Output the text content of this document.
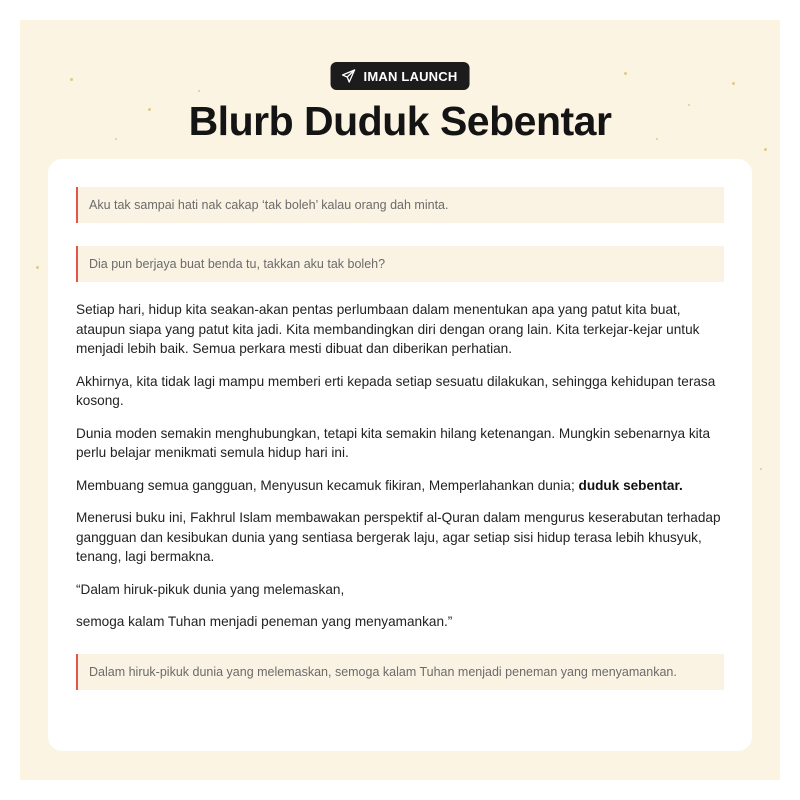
IMAN LAUNCH
Blurb Duduk Sebentar
Aku tak sampai hati nak cakap ‘tak boleh’ kalau orang dah minta.
Dia pun berjaya buat benda tu, takkan aku tak boleh?

Setiap hari, hidup kita seakan-akan pentas perlumbaan dalam menentukan apa yang patut kita buat, ataupun siapa yang patut kita jadi. Kita membandingkan diri dengan orang lain. Kita terkejar-kejar untuk menjadi lebih baik. Semua perkara mesti dibuat dan diberikan perhatian.

Akhirnya, kita tidak lagi mampu memberi erti kepada setiap sesuatu dilakukan, sehingga kehidupan terasa kosong.

Dunia moden semakin menghubungkan, tetapi kita semakin hilang ketenangan. Mungkin sebenarnya kita perlu belajar menikmati semula hidup hari ini.

Membuang semua gangguan, Menyusun kecamuk fikiran, Memperlahankan dunia; duduk sebentar.

Menerusi buku ini, Fakhrul Islam membawakan perspektif al-Quran dalam mengurus keserabutan terhadap gangguan dan kesibukan dunia yang sentiasa bergerak laju, agar setiap sisi hidup terasa lebih khusyuk, tenang, lagi bermakna.

“Dalam hiruk-pikuk dunia yang melemaskan,

semoga kalam Tuhan menjadi peneman yang menyamankan.”

Dalam hiruk-pikuk dunia yang melemaskan, semoga kalam Tuhan menjadi peneman yang menyamankan.
